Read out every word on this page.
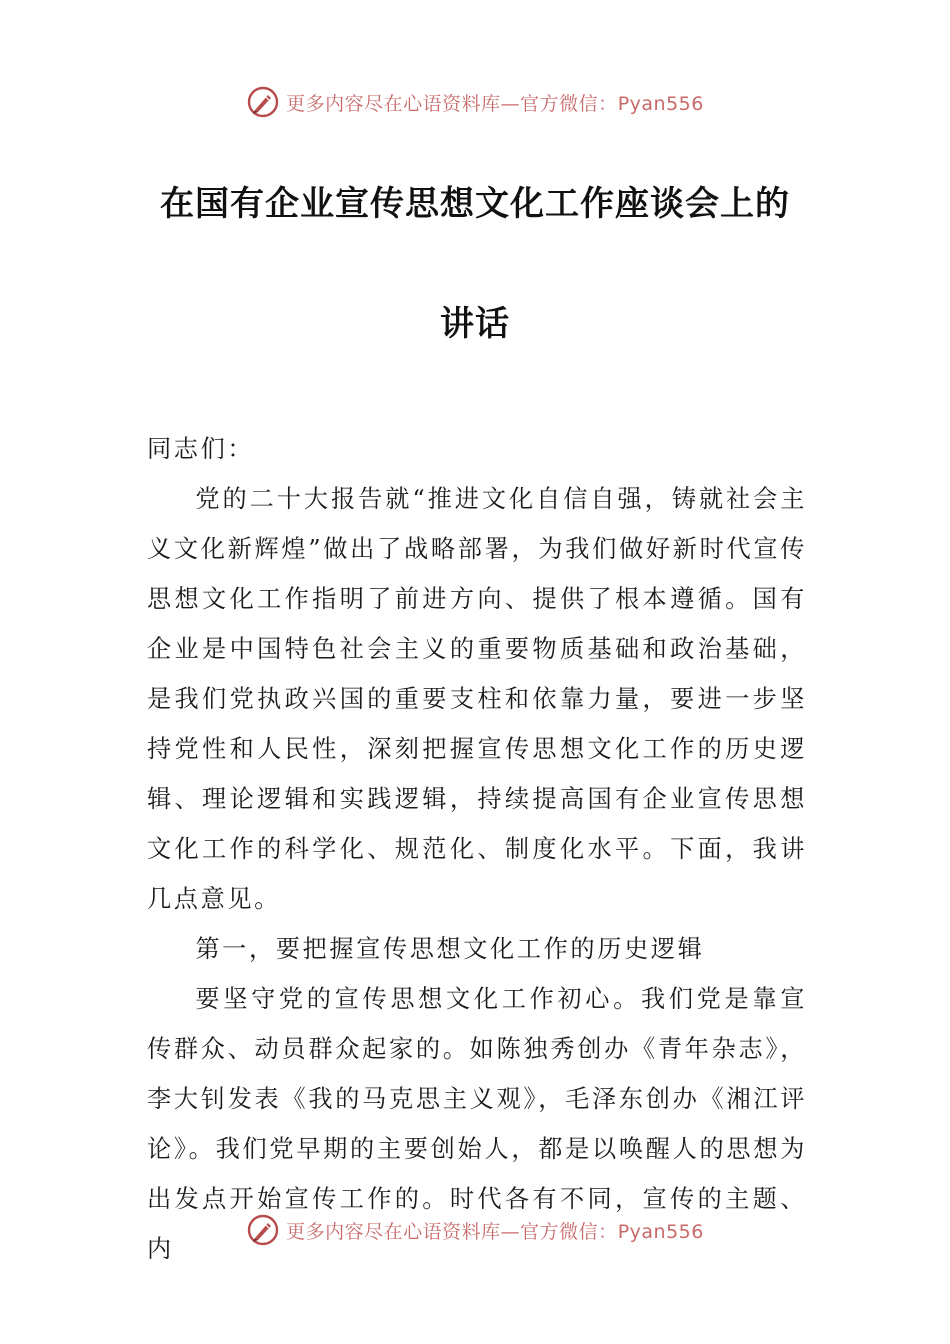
更多内容尽在心语资料库—官方微信：Pyan556
在国有企业宣传思想文化工作座谈会上的
讲话

同志们：

党的二十大报告就“推进文化自信自强，铸就社会主义文化新辉煌”做出了战略部署，为我们做好新时代宣传思想文化工作指明了前进方向、提供了根本遵循。国有企业是中国特色社会主义的重要物质基础和政治基础，是我们党执政兴国的重要支柱和依靠力量，要进一步坚持党性和人民性，深刻把握宣传思想文化工作的历史逻辑、理论逻辑和实践逻辑，持续提高国有企业宣传思想文化工作的科学化、规范化、制度化水平。下面，我讲几点意见。

第一，要把握宣传思想文化工作的历史逻辑

要坚守党的宣传思想文化工作初心。我们党是靠宣传群众、动员群众起家的。如陈独秀创办《青年杂志》，李大钊发表《我的马克思主义观》，毛泽东创办《湘江评论》。我们党早期的主要创始人，都是以唤醒人的思想为出发点开始宣传工作的。时代各有不同，宣传的主题、内

更多内容尽在心语资料库—官方微信：Pyan556
